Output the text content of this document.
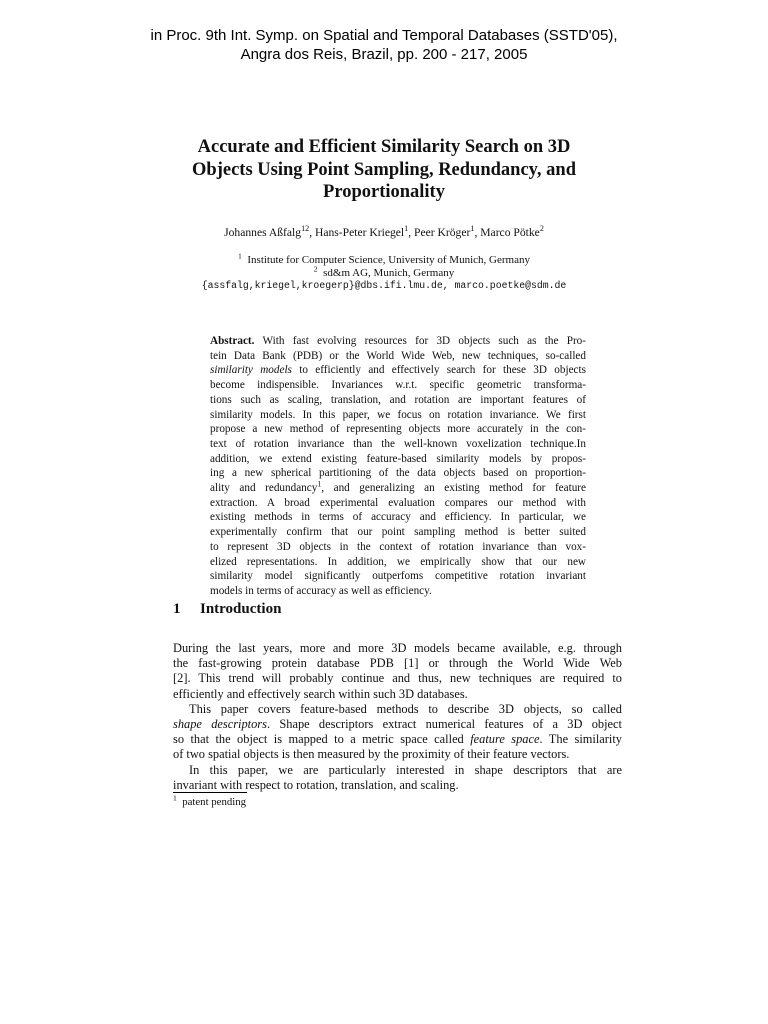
in Proc. 9th Int. Symp. on Spatial and Temporal Databases (SSTD'05),
Angra dos Reis, Brazil, pp. 200 - 217, 2005
Accurate and Efficient Similarity Search on 3D
Objects Using Point Sampling, Redundancy, and
Proportionality
Johannes Aßfalg$^{12}$, Hans-Peter Kriegel$^1$, Peer Kröger$^1$, Marco Pötke$^2$
$^1$ Institute for Computer Science, University of Munich, Germany
$^2$ sd&m AG, Munich, Germany
{assfalg,kriegel,kroegerp}@dbs.ifi.lmu.de, marco.poetke@sdm.de
Abstract. With fast evolving resources for 3D objects such as the Pro-
tein Data Bank (PDB) or the World Wide Web, new techniques, so-called
similarity models to efficiently and effectively search for these 3D objects
become indispensible. Invariances w.r.t. specific geometric transforma-
tions such as scaling, translation, and rotation are important features of
similarity models. In this paper, we focus on rotation invariance. We first
propose a new method of representing objects more accurately in the con-
text of rotation invariance than the well-known voxelization technique.In
addition, we extend existing feature-based similarity models by propos-
ing a new spherical partitioning of the data objects based on proportion-
ality and redundancy$^1$, and generalizing an existing method for feature
extraction. A broad experimental evaluation compares our method with
existing methods in terms of accuracy and efficiency. In particular, we
experimentally confirm that our point sampling method is better suited
to represent 3D objects in the context of rotation invariance than vox-
elized representations. In addition, we empirically show that our new
similarity model significantly outperfoms competitive rotation invariant
models in terms of accuracy as well as efficiency.
1 Introduction
During the last years, more and more 3D models became available, e.g. through
the fast-growing protein database PDB [1] or through the World Wide Web
[2]. This trend will probably continue and thus, new techniques are required to
efficiently and effectively search within such 3D databases.
This paper covers feature-based methods to describe 3D objects, so called
shape descriptors. Shape descriptors extract numerical features of a 3D object
so that the object is mapped to a metric space called feature space. The similarity
of two spatial objects is then measured by the proximity of their feature vectors.
In this paper, we are particularly interested in shape descriptors that are
invariant with respect to rotation, translation, and scaling.
$^1$ patent pending
